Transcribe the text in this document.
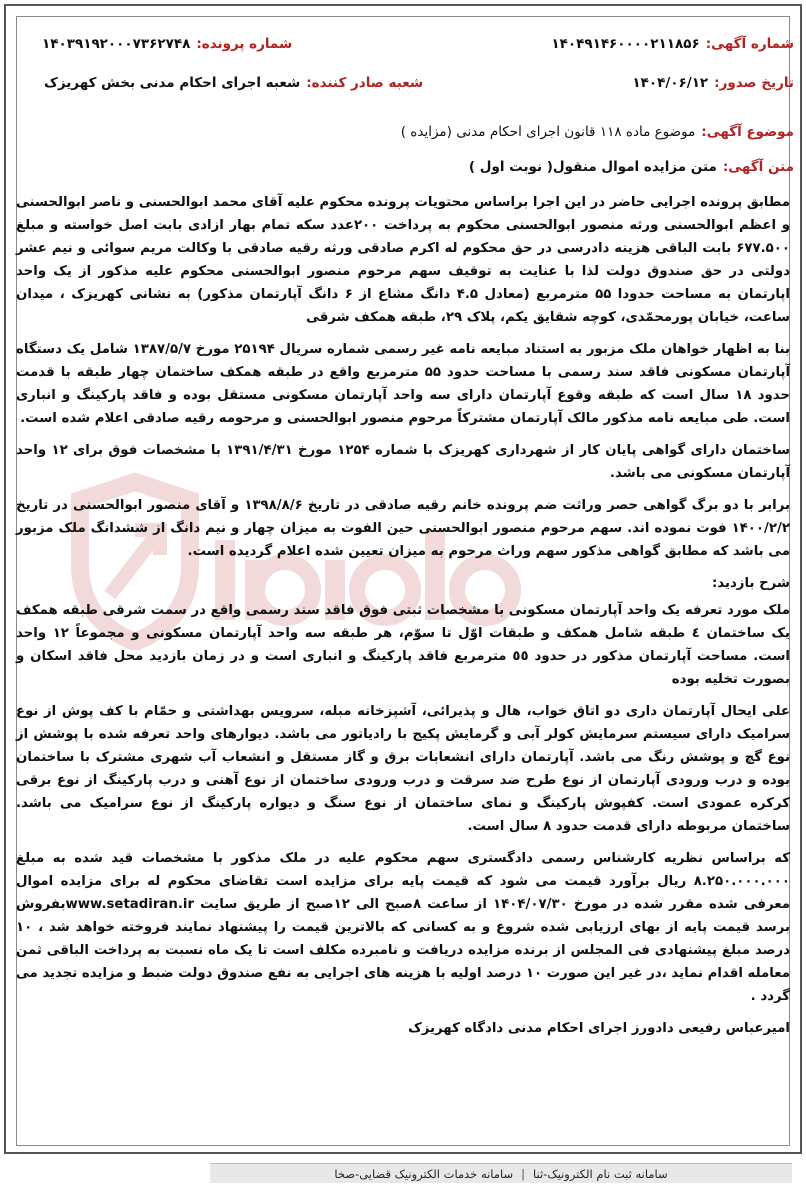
شماره آگهی:
۱۴۰۴۹۱۴۶۰۰۰۰۲۱۱۸۵۶
شماره پرونده:
۱۴۰۳۹۱۹۲۰۰۰۷۳۶۲۷۴۸
تاریخ صدور:
۱۴۰۴/۰۶/۱۲
شعبه صادر کننده:
شعبه اجرای احکام مدنی بخش کهریزک
موضوع آگهی:
موضوع ماده ۱۱۸ قانون اجرای احکام مدنی (مزایده )
متن آگهی:
متن مزایده اموال منقول( نوبت اول )

مطابق پرونده اجرایی حاضر در این اجرا براساس محتویات پرونده محکوم علیه آقای محمد ابوالحسنی و ناصر ابوالحسنی و اعظم ابوالحسنی ورثه منصور ابوالحسنی محکوم به پرداخت ۲۰۰عدد سکه تمام بهار ازادی بابت اصل خواسته و مبلغ ۶۷۷.۵۰۰ بابت الباقی هزینه دادرسی در حق محکوم له اکرم صادقی ورثه رقیه صادقی با وکالت مریم سوائی و نیم عشر دولتی در حق صندوق دولت لذا با عنایت به توقیف سهم مرحوم منصور ابوالحسنی محکوم علیه مذکور از یک واحد اپارتمان به مساحت حدودا ۵۵ مترمربع (معادل ۴.۵ دانگ مشاع از ۶ دانگ آپارتمان مذکور) به نشانی کهریزک ، میدان ساعت، خیابان پورمحمّدی، کوچه شقایق یکم، پلاک ۲۹، طبقه همکف شرقی

بنا به اظهار خواهان ملک مزبور به استناد مبایعه نامه غیر رسمی شماره سریال ۲۵۱۹۴ مورخ ۱۳۸۷/۵/۷ شامل یک دستگاه آپارتمان مسکونی فاقد سند رسمی با مساحت حدود ۵۵ مترمربع واقع در طبقه همکف ساختمان چهار طبقه با قدمت حدود ۱۸ سال است که طبقه وقوع آپارتمان دارای سه واحد آپارتمان مسکونی مستقل بوده و فاقد پارکینگ و انباری است. طی مبایعه نامه مذکور مالک آپارتمان مشترکاً مرحوم منصور ابوالحسنی و مرحومه رقیه صادقی اعلام شده است.

ساختمان دارای گواهی پایان کار از شهرداری کهریزک با شماره ۱۲۵۴ مورخ ۱۳۹۱/۴/۳۱ با مشخصات فوق برای ۱۲ واحد آپارتمان مسکونی می باشد.

برابر با دو برگ گواهی حصر وراثت ضم پرونده خانم رقیه صادقی در تاریخ ۱۳۹۸/۸/۶ و آقای منصور ابوالحسنی در تاریخ ۱۴۰۰/۲/۲ فوت نموده اند. سهم مرحوم منصور ابوالحسنی حین الفوت به میزان چهار و نیم دانگ از ششدانگ ملک مزبور می باشد که مطابق گواهی مذکور سهم وراث مرحوم به میزان تعیین شده اعلام گردیده است.

شرح بازدید:

ملک مورد تعرفه یک واحد آپارتمان مسکونی با مشخصات ثبتی فوق فاقد سند رسمی واقع در سمت شرقی طبقه همکف یک ساختمان ٤ طبقه شامل همکف و طبقات اوّل تا سوّم، هر طبقه سه واحد آپارتمان مسکونی و مجموعاً ١٢ واحد است. مساحت آپارتمان مذکور در حدود ٥٥ مترمربع فاقد پارکینگ و انباری است و در زمان بازدید محل فاقد اسکان و بصورت تخلیه بوده

علی ایحال آپارتمان داری دو اتاق خواب، هال و پذیرائی، آشپزخانه مبله، سرویس بهداشتی و حمّام با کف پوش از نوع سرامیک دارای سیستم سرمایش کولر آبی و گرمایش پکیج با رادیاتور می باشد. دیوارهای واحد تعرفه شده با پوشش از نوع گچ و پوشش رنگ می باشد. آپارتمان دارای انشعابات برق و گاز مستقل و انشعاب آب شهری مشترک با ساختمان بوده و درب ورودی آپارتمان از نوع طرح ضد سرقت و درب ورودی ساختمان از نوع آهنی و درب پارکینگ از نوع برقی کرکره عمودی است. کفپوش پارکینگ و نمای ساختمان از نوع سنگ و دیواره پارکینگ از نوع سرامیک می باشد. ساختمان مربوطه دارای قدمت حدود ۸ سال است.

که براساس نظریه کارشناس رسمی دادگستری سهم محکوم علیه در ملک مذکور با مشخصات قید شده به مبلغ ۸.۲۵۰.۰۰۰.۰۰۰ ریال برآورد قیمت می شود که قیمت پایه برای مزایده است تقاضای محکوم له برای مزایده اموال معرفی شده مقرر شده در مورخ ۱۴۰۴/۰۷/۳۰ از ساعت ۸صبح الی ۱۲صبح از طریق سایت www.setadiran.irبفروش برسد قیمت پایه از بهای ارزیابی شده شروع و به کسانی که بالاترین قیمت را پیشنهاد نمایند فروخته خواهد شد ، ۱۰ درصد مبلغ پیشنهادی فی المجلس از برنده مزایده دریافت و نامبرده مکلف است تا یک ماه نسبت به پرداخت الباقی ثمن معامله اقدام نماید ،در غیر این صورت ۱۰ درصد اولیه با هزینه های اجرایی به نفع صندوق دولت ضبط و مزایده تجدید می گردد .

امیرعباس رفیعی دادورز اجرای احکام مدنی دادگاه کهریزک

سامانه ثبت نام الکترونیک-ثنا
|
سامانه خدمات الکترونیک قضایی-صخا
